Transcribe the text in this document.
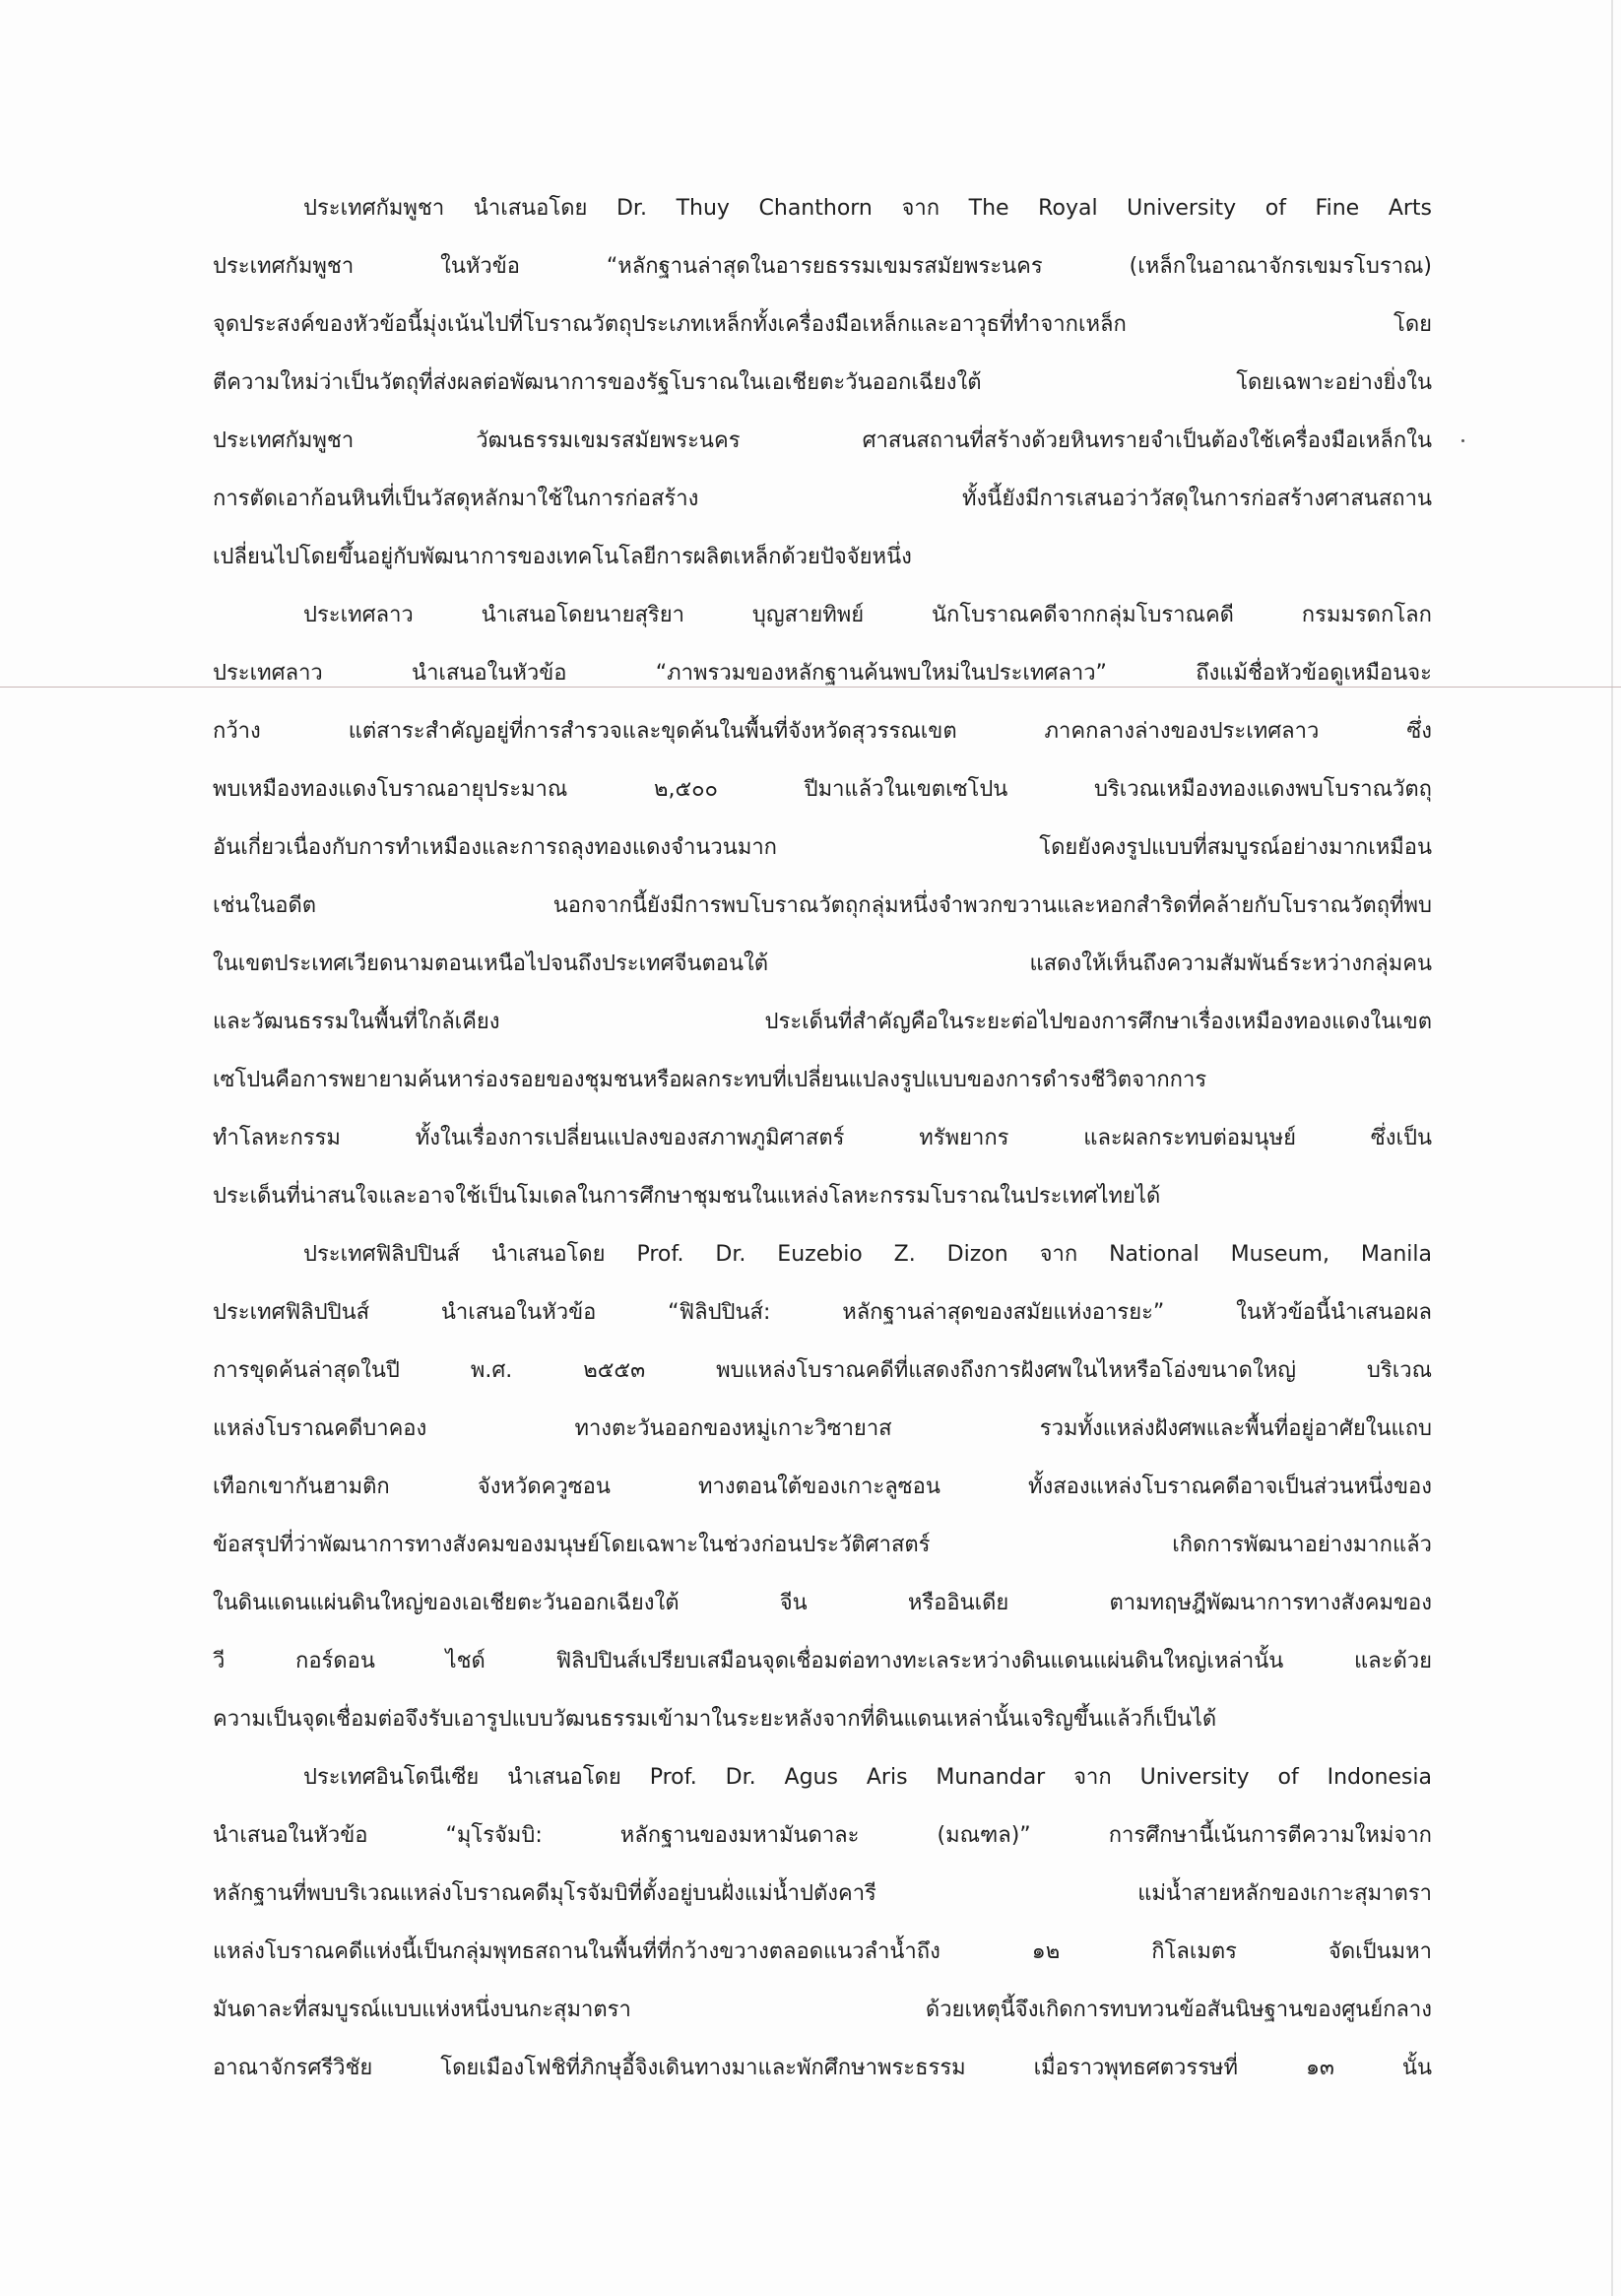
ประเทศกัมพูชา นำเสนอโดย Dr. Thuy Chanthorn จาก The Royal University of Fine Arts
ประเทศกัมพูชา ในหัวข้อ “หลักฐานล่าสุดในอารยธรรมเขมรสมัยพระนคร (เหล็กในอาณาจักรเขมรโบราณ)
จุดประสงค์ของหัวข้อนี้มุ่งเน้นไปที่โบราณวัตถุประเภทเหล็กทั้งเครื่องมือเหล็กและอาวุธที่ทำจากเหล็ก โดย
ตีความใหม่ว่าเป็นวัตถุที่ส่งผลต่อพัฒนาการของรัฐโบราณในเอเชียตะวันออกเฉียงใต้ โดยเฉพาะอย่างยิ่งใน
ประเทศกัมพูชา วัฒนธรรมเขมรสมัยพระนคร ศาสนสถานที่สร้างด้วยหินทรายจำเป็นต้องใช้เครื่องมือเหล็กใน
การตัดเอาก้อนหินที่เป็นวัสดุหลักมาใช้ในการก่อสร้าง ทั้งนี้ยังมีการเสนอว่าวัสดุในการก่อสร้างศาสนสถาน
เปลี่ยนไปโดยขึ้นอยู่กับพัฒนาการของเทคโนโลยีการผลิตเหล็กด้วยปัจจัยหนึ่ง
ประเทศลาว นำเสนอโดยนายสุริยา บุญสายทิพย์ นักโบราณคดีจากกลุ่มโบราณคดี กรมมรดกโลก
ประเทศลาว นำเสนอในหัวข้อ “ภาพรวมของหลักฐานค้นพบใหม่ในประเทศลาว” ถึงแม้ชื่อหัวข้อดูเหมือนจะ
กว้าง แต่สาระสำคัญอยู่ที่การสำรวจและขุดค้นในพื้นที่จังหวัดสุวรรณเขต ภาคกลางล่างของประเทศลาว ซึ่ง
พบเหมืองทองแดงโบราณอายุประมาณ ๒,๕๐๐ ปีมาแล้วในเขตเซโปน บริเวณเหมืองทองแดงพบโบราณวัตถุ
อันเกี่ยวเนื่องกับการทำเหมืองและการถลุงทองแดงจำนวนมาก โดยยังคงรูปแบบที่สมบูรณ์อย่างมากเหมือน
เช่นในอดีต นอกจากนี้ยังมีการพบโบราณวัตถุกลุ่มหนึ่งจำพวกขวานและหอกสำริดที่คล้ายกับโบราณวัตถุที่พบ
ในเขตประเทศเวียดนามตอนเหนือไปจนถึงประเทศจีนตอนใต้ แสดงให้เห็นถึงความสัมพันธ์ระหว่างกลุ่มคน
และวัฒนธรรมในพื้นที่ใกล้เคียง ประเด็นที่สำคัญคือในระยะต่อไปของการศึกษาเรื่องเหมืองทองแดงในเขต
เซโปนคือการพยายามค้นหาร่องรอยของชุมชนหรือผลกระทบที่เปลี่ยนแปลงรูปแบบของการดำรงชีวิตจากการ
ทำโลหะกรรม ทั้งในเรื่องการเปลี่ยนแปลงของสภาพภูมิศาสตร์ ทรัพยากร และผลกระทบต่อมนุษย์ ซึ่งเป็น
ประเด็นที่น่าสนใจและอาจใช้เป็นโมเดลในการศึกษาชุมชนในแหล่งโลหะกรรมโบราณในประเทศไทยได้
ประเทศฟิลิปปินส์ นำเสนอโดย Prof. Dr. Euzebio Z. Dizon จาก National Museum, Manila
ประเทศฟิลิปปินส์ นำเสนอในหัวข้อ “ฟิลิปปินส์: หลักฐานล่าสุดของสมัยแห่งอารยะ” ในหัวข้อนี้นำเสนอผล
การขุดค้นล่าสุดในปี พ.ศ. ๒๕๕๓ พบแหล่งโบราณคดีที่แสดงถึงการฝังศพในไหหรือโอ่งขนาดใหญ่ บริเวณ
แหล่งโบราณคดีบาคอง ทางตะวันออกของหมู่เกาะวิซายาส รวมทั้งแหล่งฝังศพและพื้นที่อยู่อาศัยในแถบ
เทือกเขากันฮามติก จังหวัดควูซอน ทางตอนใต้ของเกาะลูซอน ทั้งสองแหล่งโบราณคดีอาจเป็นส่วนหนึ่งของ
ข้อสรุปที่ว่าพัฒนาการทางสังคมของมนุษย์โดยเฉพาะในช่วงก่อนประวัติศาสตร์ เกิดการพัฒนาอย่างมากแล้ว
ในดินแดนแผ่นดินใหญ่ของเอเชียตะวันออกเฉียงใต้ จีน หรืออินเดีย ตามทฤษฎีพัฒนาการทางสังคมของ
วี กอร์ดอน ไชด์ ฟิลิปปินส์เปรียบเสมือนจุดเชื่อมต่อทางทะเลระหว่างดินแดนแผ่นดินใหญ่เหล่านั้น และด้วย
ความเป็นจุดเชื่อมต่อจึงรับเอารูปแบบวัฒนธรรมเข้ามาในระยะหลังจากที่ดินแดนเหล่านั้นเจริญขึ้นแล้วก็เป็นได้
ประเทศอินโดนีเซีย นำเสนอโดย Prof. Dr. Agus Aris Munandar จาก University of Indonesia
นำเสนอในหัวข้อ “มุโรจัมบิ: หลักฐานของมหามันดาละ (มณฑล)” การศึกษานี้เน้นการตีความใหม่จาก
หลักฐานที่พบบริเวณแหล่งโบราณคดีมุโรจัมบิที่ตั้งอยู่บนฝั่งแม่น้ำปตังคารี แม่น้ำสายหลักของเกาะสุมาตรา
แหล่งโบราณคดีแห่งนี้เป็นกลุ่มพุทธสถานในพื้นที่ที่กว้างขวางตลอดแนวลำน้ำถึง ๑๒ กิโลเมตร จัดเป็นมหา
มันดาละที่สมบูรณ์แบบแห่งหนึ่งบนกะสุมาตรา ด้วยเหตุนี้จึงเกิดการทบทวนข้อสันนิษฐานของศูนย์กลาง
อาณาจักรศรีวิชัย โดยเมืองโฟชิที่ภิกษุอี้จิงเดินทางมาและพักศึกษาพระธรรม เมื่อราวพุทธศตวรรษที่ ๑๓ นั้น
